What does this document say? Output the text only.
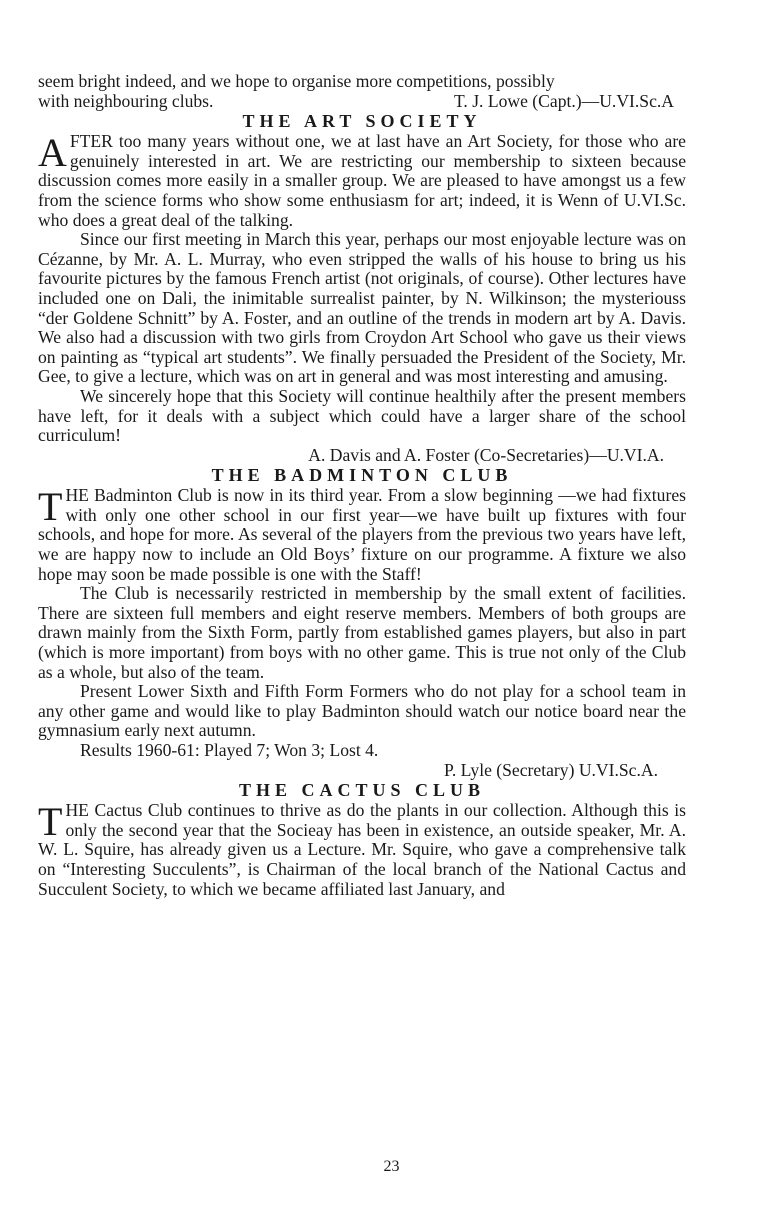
seem bright indeed, and we hope to organise more competitions, possibly

with neighbouring clubs.	T. J. Lowe (Capt.)—U.VI.Sc.A
THE ART SOCIETY

AFTER too many years without one, we at last have an Art Society, for those who are genuinely interested in art. We are restricting our membership to sixteen because discussion comes more easily in a smaller group. We are pleased to have amongst us a few from the science forms who show some enthusiasm for art; indeed, it is Wenn of U.VI.Sc. who does a great deal of the talking.

Since our first meeting in March this year, perhaps our most enjoyable lecture was on Cézanne, by Mr. A. L. Murray, who even stripped the walls of his house to bring us his favourite pictures by the famous French artist (not originals, of course). Other lectures have included one on Dali, the inimitable surrealist painter, by N. Wilkinson; the mysteriouss “der Goldene Schnitt” by A. Foster, and an outline of the trends in modern art by A. Davis. We also had a discussion with two girls from Croydon Art School who gave us their views on painting as “typical art students”. We finally persuaded the President of the Society, Mr. Gee, to give a lecture, which was on art in general and was most interesting and amusing.

We sincerely hope that this Society will continue healthily after the present members have left, for it deals with a subject which could have a larger share of the school curriculum!

A. Davis and A. Foster (Co-Secretaries)—U.VI.A.

THE BADMINTON CLUB

THE Badminton Club is now in its third year. From a slow beginning —we had fixtures with only one other school in our first year—we have built up fixtures with four schools, and hope for more. As several of the players from the previous two years have left, we are happy now to include an Old Boys’ fixture on our programme. A fixture we also hope may soon be made possible is one with the Staff!

The Club is necessarily restricted in membership by the small extent of facilities. There are sixteen full members and eight reserve members. Members of both groups are drawn mainly from the Sixth Form, partly from established games players, but also in part (which is more important) from boys with no other game. This is true not only of the Club as a whole, but also of the team.

Present Lower Sixth and Fifth Form Formers who do not play for a school team in any other game and would like to play Badminton should watch our notice board near the gymnasium early next autumn.

Results 1960-61: Played 7; Won 3; Lost 4.

P. Lyle (Secretary) U.VI.Sc.A.

THE CACTUS CLUB

THE Cactus Club continues to thrive as do the plants in our collection. Although this is only the second year that the Socieay has been in existence, an outside speaker, Mr. A. W. L. Squire, has already given us a Lecture. Mr. Squire, who gave a comprehensive talk on “Interesting Succulents”, is Chairman of the local branch of the National Cactus and Succulent Society, to which we became affiliated last January, and

23
